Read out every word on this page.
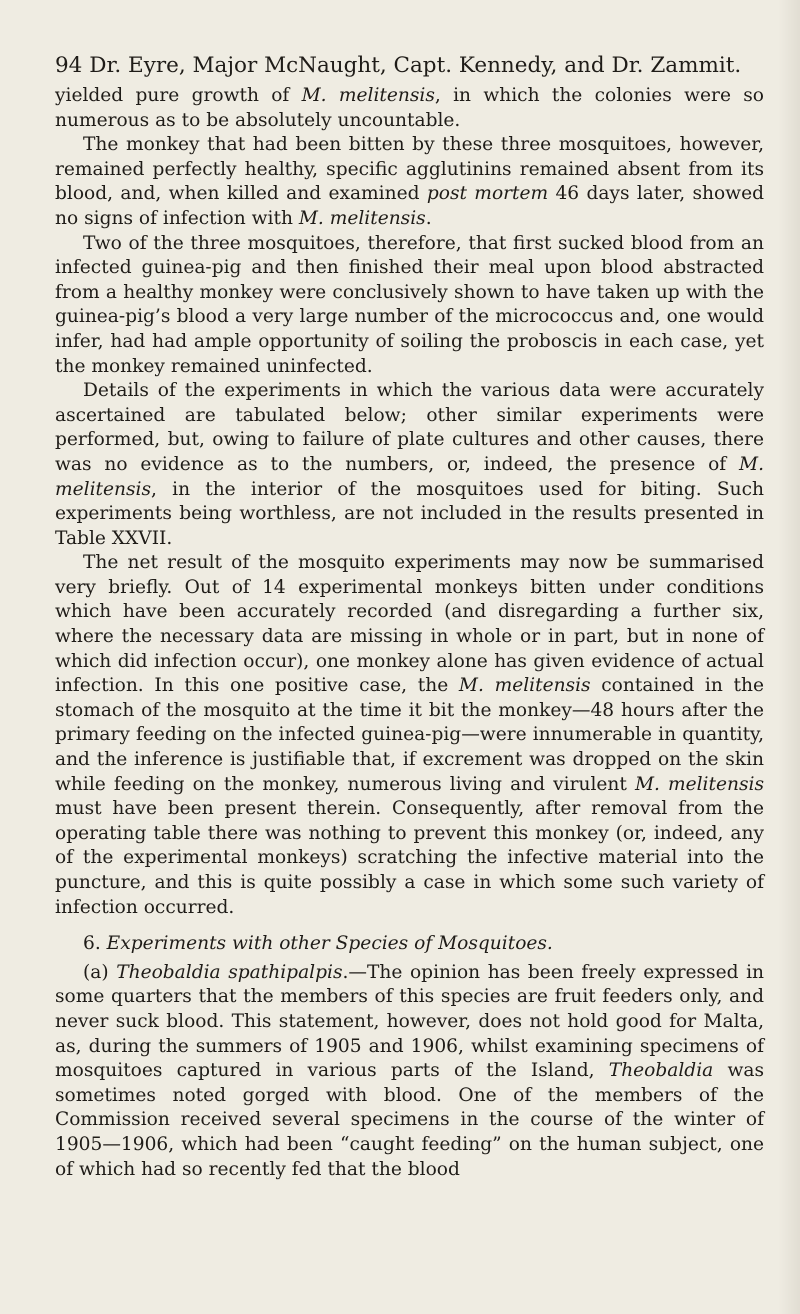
94 Dr. Eyre, Major McNaught, Capt. Kennedy, and Dr. Zammit.

yielded pure growth of M. melitensis, in which the colonies were so numerous as to be absolutely uncountable.

The monkey that had been bitten by these three mosquitoes, however, remained perfectly healthy, specific agglutinins remained absent from its blood, and, when killed and examined post mortem 46 days later, showed no signs of infection with M. melitensis.

Two of the three mosquitoes, therefore, that first sucked blood from an infected guinea-pig and then finished their meal upon blood abstracted from a healthy monkey were conclusively shown to have taken up with the guinea-pig’s blood a very large number of the micrococcus and, one would infer, had had ample opportunity of soiling the proboscis in each case, yet the monkey remained uninfected.

Details of the experiments in which the various data were accurately ascertained are tabulated below; other similar experiments were performed, but, owing to failure of plate cultures and other causes, there was no evidence as to the numbers, or, indeed, the presence of M. melitensis, in the interior of the mosquitoes used for biting. Such experiments being worthless, are not included in the results presented in Table XXVII.

The net result of the mosquito experiments may now be summarised very briefly. Out of 14 experimental monkeys bitten under conditions which have been accurately recorded (and disregarding a further six, where the necessary data are missing in whole or in part, but in none of which did infection occur), one monkey alone has given evidence of actual infection. In this one positive case, the M. melitensis contained in the stomach of the mosquito at the time it bit the monkey—48 hours after the primary feeding on the infected guinea-pig—were innumerable in quantity, and the inference is justifiable that, if excrement was dropped on the skin while feeding on the monkey, numerous living and virulent M. melitensis must have been present therein. Consequently, after removal from the operating table there was nothing to prevent this monkey (or, indeed, any of the experimental monkeys) scratching the infective material into the puncture, and this is quite possibly a case in which some such variety of infection occurred.

6. Experiments with other Species of Mosquitoes.

(a) Theobaldia spathipalpis.—The opinion has been freely expressed in some quarters that the members of this species are fruit feeders only, and never suck blood. This statement, however, does not hold good for Malta, as, during the summers of 1905 and 1906, whilst examining specimens of mosquitoes captured in various parts of the Island, Theobaldia was sometimes noted gorged with blood. One of the members of the Commission received several specimens in the course of the winter of 1905—1906, which had been “caught feeding” on the human subject, one of which had so recently fed that the blood
